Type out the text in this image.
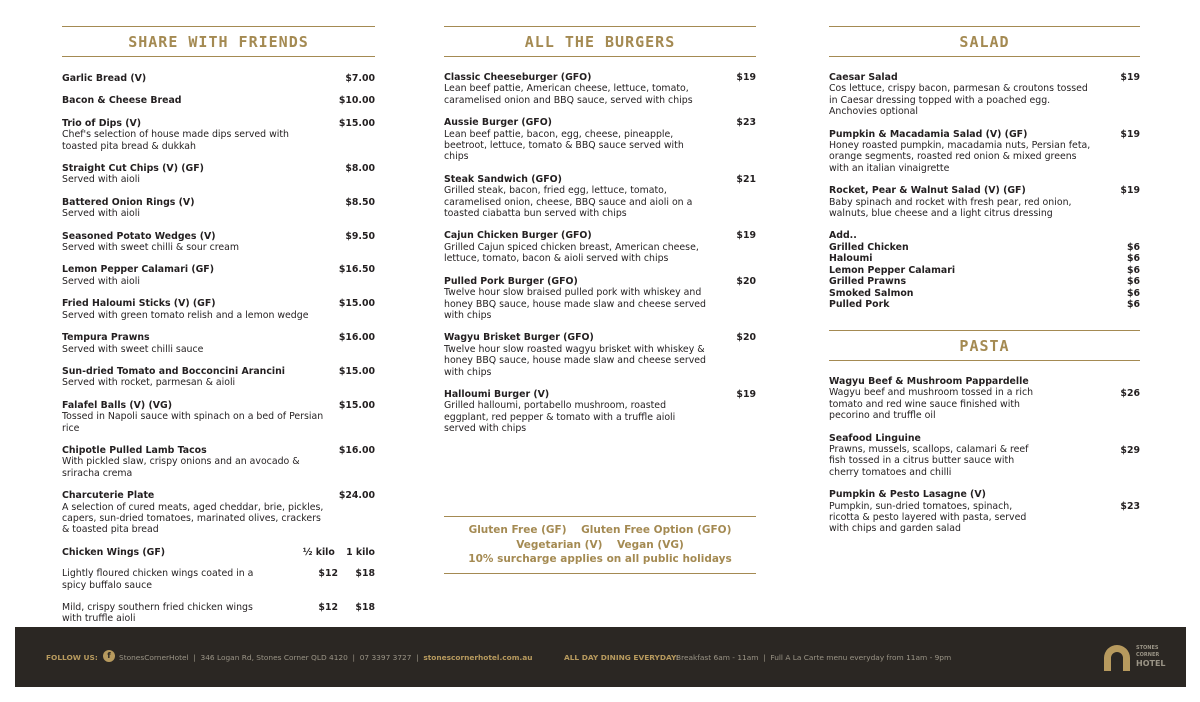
SHARE WITH FRIENDS
Garlic Bread (V)	$7.00
Bacon & Cheese Bread	$10.00
Trio of Dips (V)
Chef's selection of house made dips served with toasted pita bread & dukkah
$15.00
Straight Cut Chips (V) (GF)
Served with aioli
$8.00
Battered Onion Rings (V)
Served with aioli
$8.50
Seasoned Potato Wedges (V)
Served with sweet chilli & sour cream
$9.50
Lemon Pepper Calamari (GF)
Served with aioli
$16.50
Fried Haloumi Sticks (V) (GF)
Served with green tomato relish and a lemon wedge
$15.00
Tempura Prawns
Served with sweet chilli sauce
$16.00
Sun-dried Tomato and Bocconcini Arancini
Served with rocket, parmesan & aioli
$15.00
Falafel Balls (V) (VG)
Tossed in Napoli sauce with spinach on a bed of Persian rice
$15.00
Chipotle Pulled Lamb Tacos
With pickled slaw, crispy onions and an avocado & sriracha crema
$16.00
Charcuterie Plate
A selection of cured meats, aged cheddar, brie, pickles, capers, sun-dried tomatoes, marinated olives, crackers & toasted pita bread
$24.00
Chicken Wings (GF)	½ kilo 1 kilo
Lightly floured chicken wings coated in a spicy buffalo sauce
$12 $18
Mild, crispy southern fried chicken wings with truffle aioli
$12 $18
ALL THE BURGERS
Classic Cheeseburger (GFO)
Lean beef pattie, American cheese, lettuce, tomato, caramelised onion and BBQ sauce, served with chips
$19
Aussie Burger (GFO)
Lean beef pattie, bacon, egg, cheese, pineapple, beetroot, lettuce, tomato & BBQ sauce served with chips
$23
Steak Sandwich (GFO)
Grilled steak, bacon, fried egg, lettuce, tomato, caramelised onion, cheese, BBQ sauce and aioli on a toasted ciabatta bun served with chips
$21
Cajun Chicken Burger (GFO)
Grilled Cajun spiced chicken breast, American cheese, lettuce, tomato, bacon & aioli served with chips
$19
Pulled Pork Burger (GFO)
Twelve hour slow braised pulled pork with whiskey and honey BBQ sauce, house made slaw and cheese served with chips
$20
Wagyu Brisket Burger (GFO)
Twelve hour slow roasted wagyu brisket with whiskey & honey BBQ sauce, house made slaw and cheese served with chips
$20
Halloumi Burger (V)
Grilled halloumi, portabello mushroom, roasted eggplant, red pepper & tomato with a truffle aioli served with chips
$19
Gluten Free (GF)    Gluten Free Option (GFO)
Vegetarian (V)    Vegan (VG)
10% surcharge applies on all public holidays
SALAD
Caesar Salad
Cos lettuce, crispy bacon, parmesan & croutons tossed in Caesar dressing topped with a poached egg. Anchovies optional
$19
Pumpkin & Macadamia Salad (V) (GF)
Honey roasted pumpkin, macadamia nuts, Persian feta, orange segments, roasted red onion & mixed greens with an italian vinaigrette
$19
Rocket, Pear & Walnut Salad (V) (GF)
Baby spinach and rocket with fresh pear, red onion, walnuts, blue cheese and a light citrus dressing
$19
Add..
Grilled Chicken	$6
Haloumi	$6
Lemon Pepper Calamari	$6
Grilled Prawns	$6
Smoked Salmon	$6
Pulled Pork	$6
PASTA
Wagyu Beef & Mushroom Pappardelle
Wagyu beef and mushroom tossed in a rich tomato and red wine sauce finished with pecorino and truffle oil
$26
Seafood Linguine
Prawns, mussels, scallops, calamari & reef fish tossed in a citrus butter sauce with cherry tomatoes and chilli
$29
Pumpkin & Pesto Lasagne (V)
Pumpkin, sun-dried tomatoes, spinach, ricotta & pesto layered with pasta, served with chips and garden salad
$23
FOLLOW US:	f	StonesCornerHotel  |  346 Logan Rd, Stones Corner QLD 4120  |  07 3397 3727  |  stonescornerhotel.com.au	ALL DAY DINING EVERYDAY:
Breakfast 6am - 11am  |  Full A La Carte menu everyday from 11am - 9pm
STONES
CORNER
HOTEL
